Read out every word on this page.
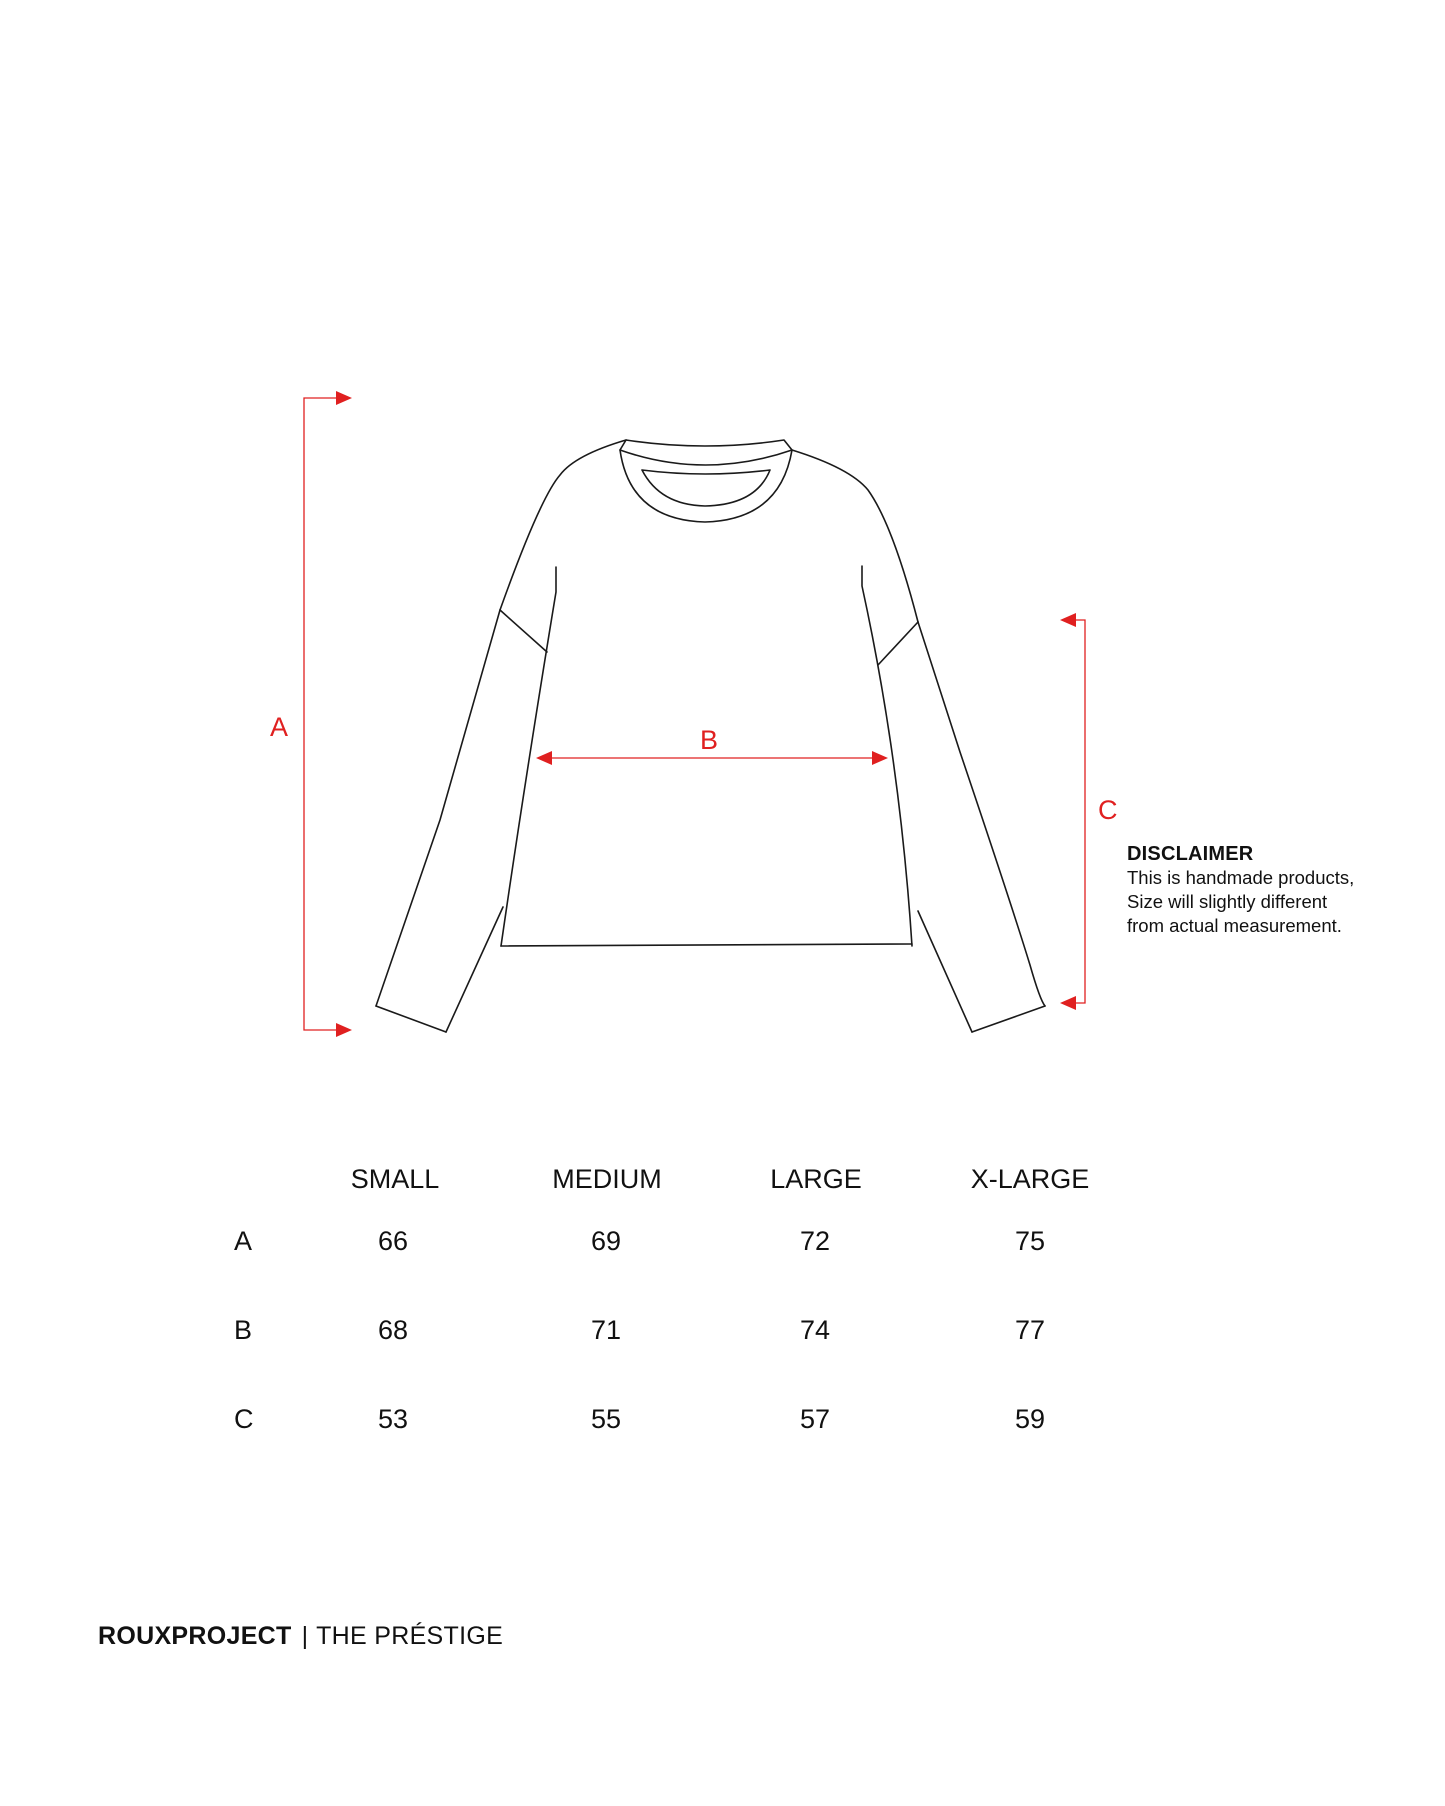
A	B
C
DISCLAIMER
This is handmade products,
Size will slightly different
from actual measurement.
SMALL	MEDIUM	LARGE	X-LARGE
A	66	69	72	75
B	68	71	74	77
C	53	55	57	59
ROUXPROJECT | THE PRÉSTIGE
